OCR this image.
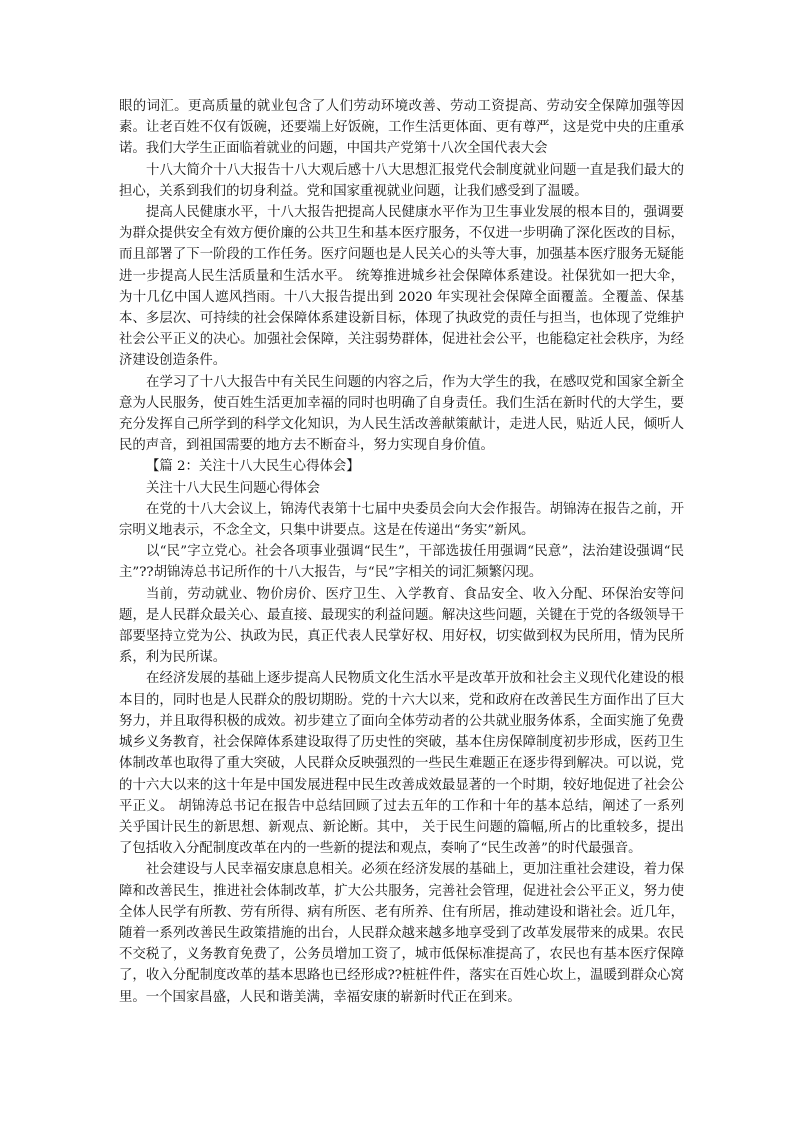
眼的词汇。更高质量的就业包含了人们劳动环境改善、劳动工资提高、劳动安全保障加强等因素。让老百姓不仅有饭碗，还要端上好饭碗，工作生活更体面、更有尊严，这是党中央的庄重承诺。我们大学生正面临着就业的问题，中国共产党第十八次全国代表大会

十八大简介十八大报告十八大观后感十八大思想汇报党代会制度就业问题一直是我们最大的担心，关系到我们的切身利益。党和国家重视就业问题，让我们感受到了温暖。

提高人民健康水平，十八大报告把提高人民健康水平作为卫生事业发展的根本目的，强调要为群众提供安全有效方便价廉的公共卫生和基本医疗服务，不仅进一步明确了深化医改的目标，而且部署了下一阶段的工作任务。医疗问题也是人民关心的头等大事，加强基本医疗服务无疑能进一步提高人民生活质量和生活水平。 统筹推进城乡社会保障体系建设。社保犹如一把大伞，为十几亿中国人遮风挡雨。十八大报告提出到 2020 年实现社会保障全面覆盖。全覆盖、保基本、多层次、可持续的社会保障体系建设新目标，体现了执政党的责任与担当，也体现了党维护社会公平正义的决心。加强社会保障，关注弱势群体，促进社会公平，也能稳定社会秩序，为经济建设创造条件。

在学习了十八大报告中有关民生问题的内容之后，作为大学生的我，在感叹党和国家全新全意为人民服务，使百姓生活更加幸福的同时也明确了自身责任。我们生活在新时代的大学生，要充分发挥自己所学到的科学文化知识，为人民生活改善献策献计，走进人民，贴近人民，倾听人民的声音，到祖国需要的地方去不断奋斗，努力实现自身价值。

【篇 2：关注十八大民生心得体会】

关注十八大民生问题心得体会

在党的十八大会议上，锦涛代表第十七届中央委员会向大会作报告。胡锦涛在报告之前，开宗明义地表示，不念全文，只集中讲要点。这是在传递出“务实”新风。

以“民”字立党心。社会各项事业强调“民生”，干部选拔任用强调“民意”，法治建设强调“民主”??胡锦涛总书记所作的十八大报告，与“民”字相关的词汇频繁闪现。

当前，劳动就业、物价房价、医疗卫生、入学教育、食品安全、收入分配、环保治安等问题，是人民群众最关心、最直接、最现实的利益问题。解决这些问题，关键在于党的各级领导干部要坚持立党为公、执政为民，真正代表人民掌好权、用好权，切实做到权为民所用，情为民所系，利为民所谋。

在经济发展的基础上逐步提高人民物质文化生活水平是改革开放和社会主义现代化建设的根本目的，同时也是人民群众的殷切期盼。党的十六大以来，党和政府在改善民生方面作出了巨大努力，并且取得积极的成效。初步建立了面向全体劳动者的公共就业服务体系，全面实施了免费城乡义务教育，社会保障体系建设取得了历史性的突破，基本住房保障制度初步形成，医药卫生体制改革也取得了重大突破，人民群众反映强烈的一些民生难题正在逐步得到解决。可以说，党的十六大以来的这十年是中国发展进程中民生改善成效最显著的一个时期，较好地促进了社会公平正义。 胡锦涛总书记在报告中总结回顾了过去五年的工作和十年的基本总结，阐述了一系列关乎国计民生的新思想、新观点、新论断。其中， 关于民生问题的篇幅,所占的比重较多，提出了包括收入分配制度改革在内的一些新的提法和观点，奏响了“民生改善”的时代最强音。

社会建设与人民幸福安康息息相关。必须在经济发展的基础上，更加注重社会建设，着力保障和改善民生，推进社会体制改革，扩大公共服务，完善社会管理，促进社会公平正义，努力使全体人民学有所教、劳有所得、病有所医、老有所养、住有所居，推动建设和谐社会。近几年，随着一系列改善民生政策措施的出台，人民群众越来越多地享受到了改革发展带来的成果。农民不交税了，义务教育免费了，公务员增加工资了，城市低保标准提高了，农民也有基本医疗保障了，收入分配制度改革的基本思路也已经形成??桩桩件件，落实在百姓心坎上，温暖到群众心窝里。一个国家昌盛，人民和谐美满，幸福安康的崭新时代正在到来。
